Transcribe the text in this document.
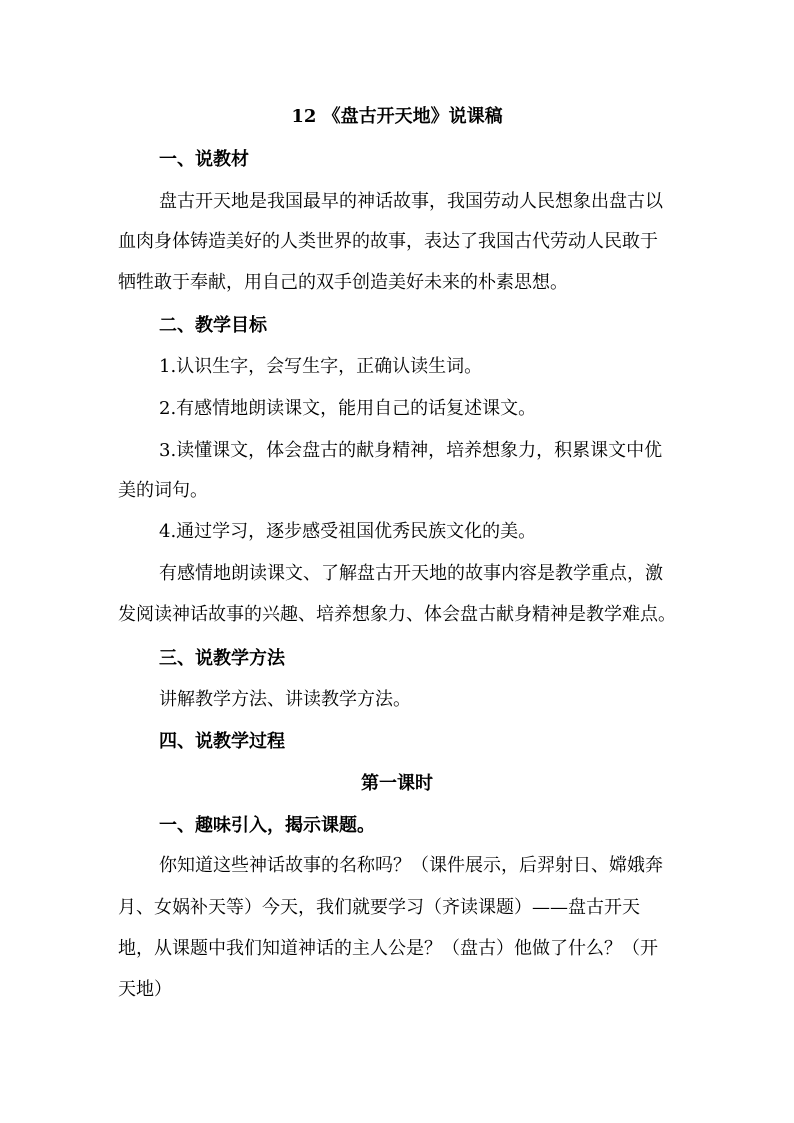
12 《盘古开天地》说课稿
一、说教材
盘古开天地是我国最早的神话故事，我国劳动人民想象出盘古以
血肉身体铸造美好的人类世界的故事，表达了我国古代劳动人民敢于
牺牲敢于奉献，用自己的双手创造美好未来的朴素思想。
二、教学目标
1.认识生字，会写生字，正确认读生词。
2.有感情地朗读课文，能用自己的话复述课文。
3.读懂课文，体会盘古的献身精神，培养想象力，积累课文中优
美的词句。
4.通过学习，逐步感受祖国优秀民族文化的美。
有感情地朗读课文、了解盘古开天地的故事内容是教学重点，激
发阅读神话故事的兴趣、培养想象力、体会盘古献身精神是教学难点。
三、说教学方法
讲解教学方法、讲读教学方法。
四、说教学过程
第一课时
一、趣味引入，揭示课题。
你知道这些神话故事的名称吗？（课件展示，后羿射日、嫦娥奔
月、女娲补天等）今天，我们就要学习（齐读课题）——盘古开天
地，从课题中我们知道神话的主人公是？（盘古）他做了什么？（开
天地）
